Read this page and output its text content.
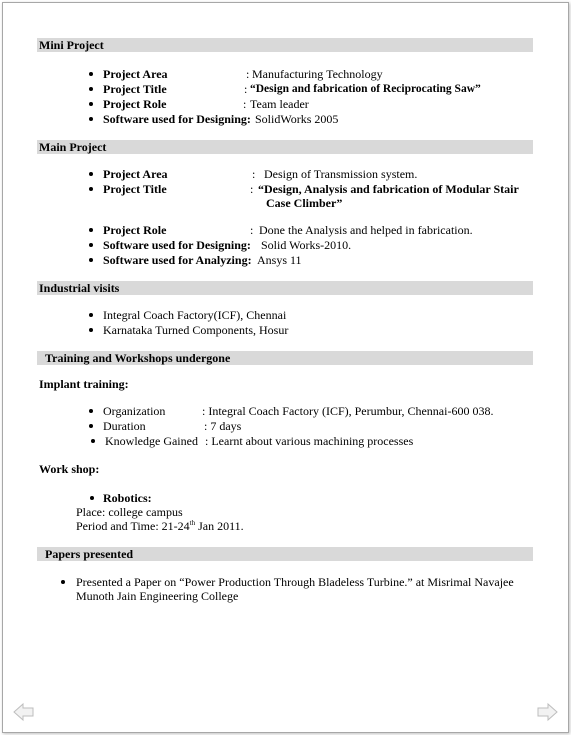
Mini Project
Project Area	: Manufacturing Technology
Project Title	: “Design and fabrication of Reciprocating Saw”
Project Role	: Team leader
Software used for Designing: SolidWorks 2005
Main Project
Project Area	: Design of Transmission system.
Project Title	: “Design, Analysis and fabrication of Modular Stair
Case Climber”
Project Role	: Done the Analysis and helped in fabrication.
Software used for Designing: Solid Works-2010.
Software used for Analyzing: Ansys 11
Industrial visits
Integral Coach Factory(ICF), Chennai
Karnataka Turned Components, Hosur
Training and Workshops undergone
Implant training:
Organization	: Integral Coach Factory (ICF), Perumbur, Chennai-600 038.
Duration	: 7 days
Knowledge Gained : Learnt about various machining processes
Work shop:
Robotics:
Place: college campus
Period and Time: 21-24th Jan 2011.
Papers presented
Presented a Paper on “Power Production Through Bladeless Turbine.” at Misrimal Navajee
Munoth Jain Engineering College
